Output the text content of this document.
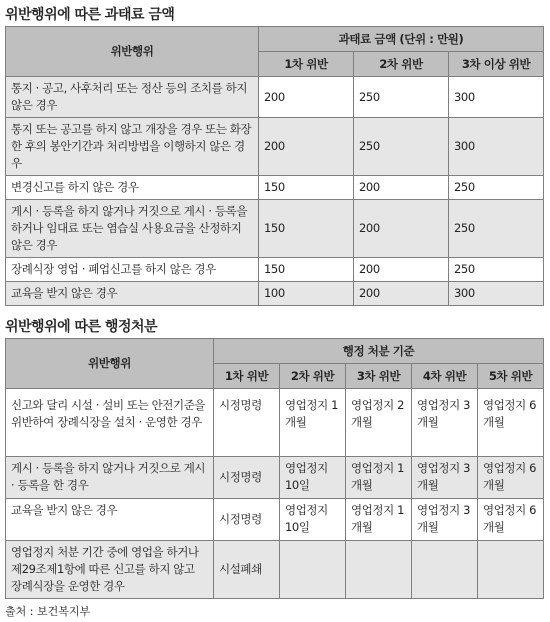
위반행위에 따른 과태료 금액
위반행위	과태료 금액 (단위 : 만원)		
	1차 위반	2차 위반	3차 이상 위반
통지 · 공고, 사후처리 또는 정산 등의 조치를 하지 않은 경우	200	250	300
통지 또는 공고를 하지 않고 개장을 경우 또는 화장한 후의 봉안기간과 처리방법을 이행하지 않은 경우	200	250	300
변경신고를 하지 않은 경우	150	200	250
게시 · 등록을 하지 않거나 거짓으로 게시 · 등록을 하거나 임대료 또는 염습실 사용요금을 산정하지 않은 경우	150	200	250
장례식장 영업 · 폐업신고를 하지 않은 경우	150	200	250
교육을 받지 않은 경우	100	200	300
위반행위에 따른 행정처분
위반행위	행정 처분 기준				
	1차 위반	2차 위반	3차 위반	4차 위반	5차 위반
신고와 달리 시설 · 설비 또는 안전기준을 위반하여 장례식장을 설치 · 운영한 경우	시정명령	영업정지 1개월	영업정지 2개월	영업정지 3개월	영업정지 6개월
게시 · 등록을 하지 않거나 거짓으로 게시 · 등록을 한 경우	시정명령	영업정지 10일	영업정지 1개월	영업정지 3개월	영업정지 6개월
교육을 받지 않은 경우	시정명령	영업정지 10일	영업정지 1개월	영업정지 3개월	영업정지 6개월
영업정지 처분 기간 중에 영업을 하거나 제29조제1항에 따른 신고를 하지 않고 장례식장을 운영한 경우	시설폐쇄				
출처 : 보건복지부
